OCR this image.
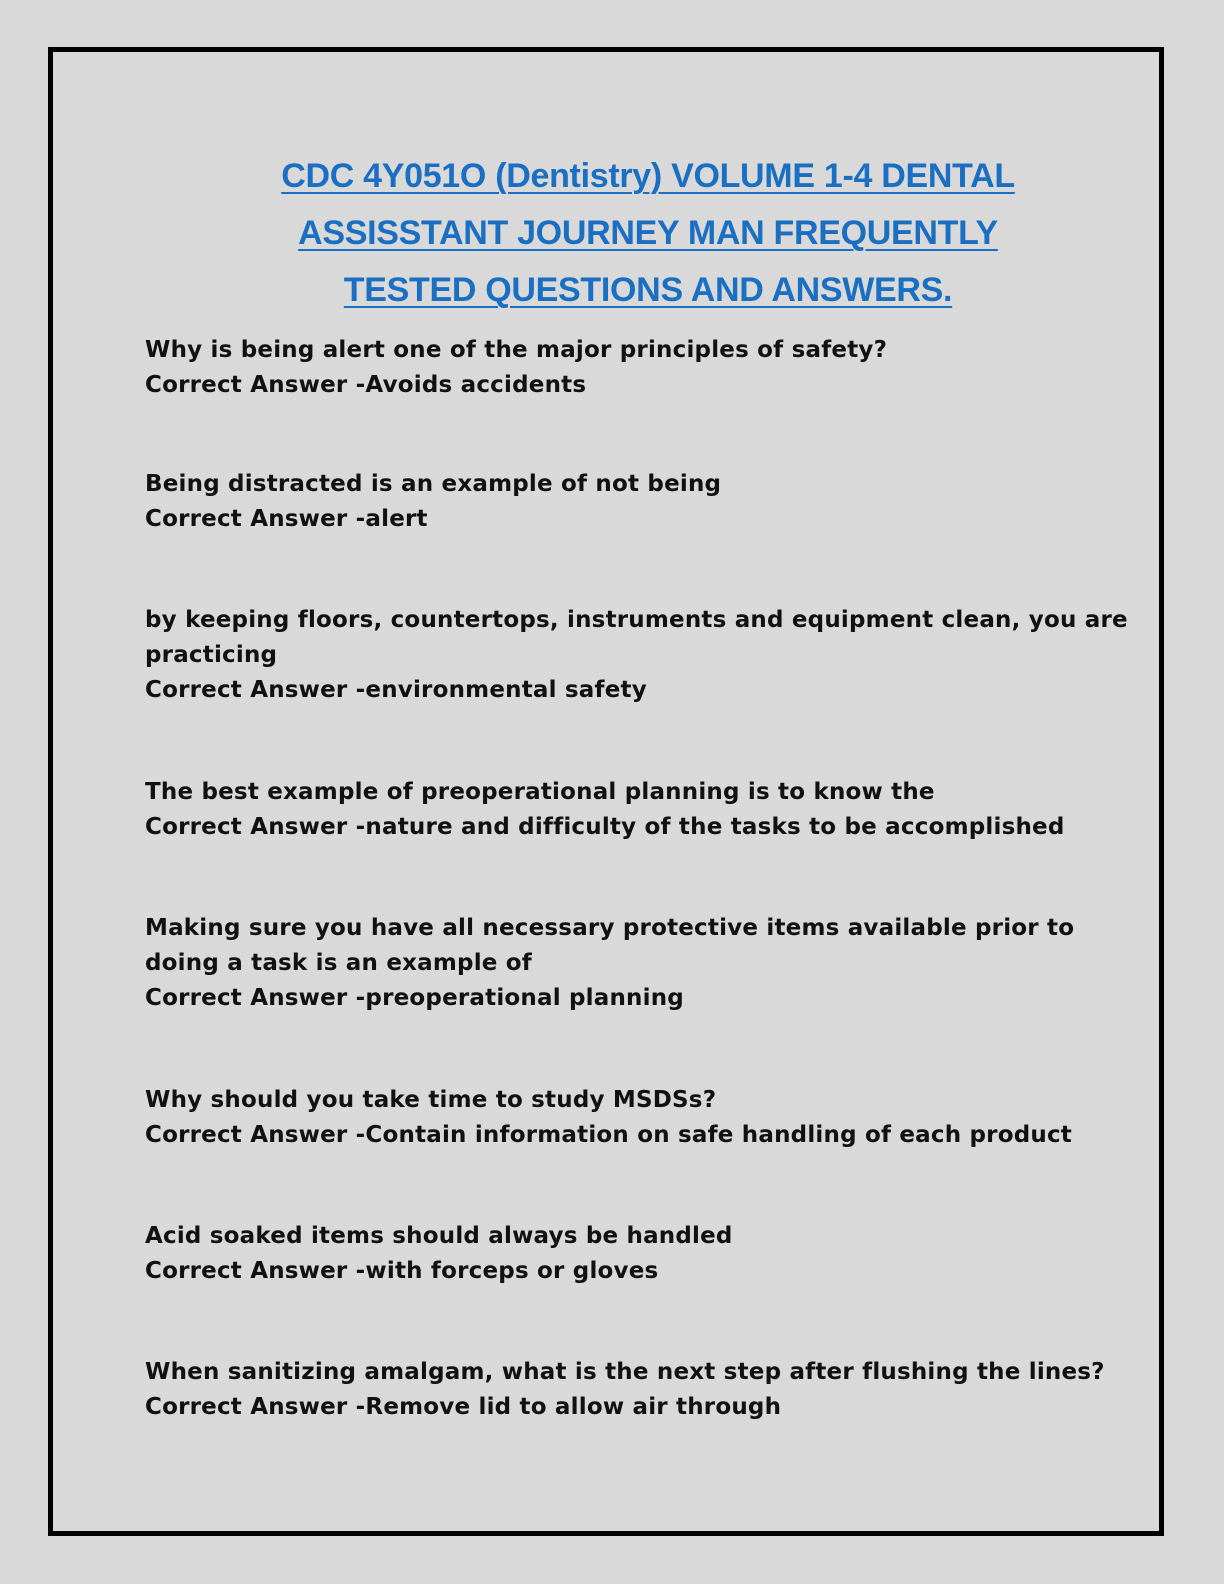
CDC 4Y051O (Dentistry) VOLUME 1-4 DENTAL
ASSISSTANT JOURNEY MAN FREQUENTLY
TESTED QUESTIONS AND ANSWERS.
Why is being alert one of the major principles of safety?
Correct Answer -Avoids accidents
Being distracted is an example of not being
Correct Answer -alert
by keeping floors, countertops, instruments and equipment clean, you are
practicing
Correct Answer -environmental safety
The best example of preoperational planning is to know the
Correct Answer -nature and difficulty of the tasks to be accomplished
Making sure you have all necessary protective items available prior to
doing a task is an example of
Correct Answer -preoperational planning
Why should you take time to study MSDSs?
Correct Answer -Contain information on safe handling of each product
Acid soaked items should always be handled
Correct Answer -with forceps or gloves
When sanitizing amalgam, what is the next step after flushing the lines?
Correct Answer -Remove lid to allow air through
